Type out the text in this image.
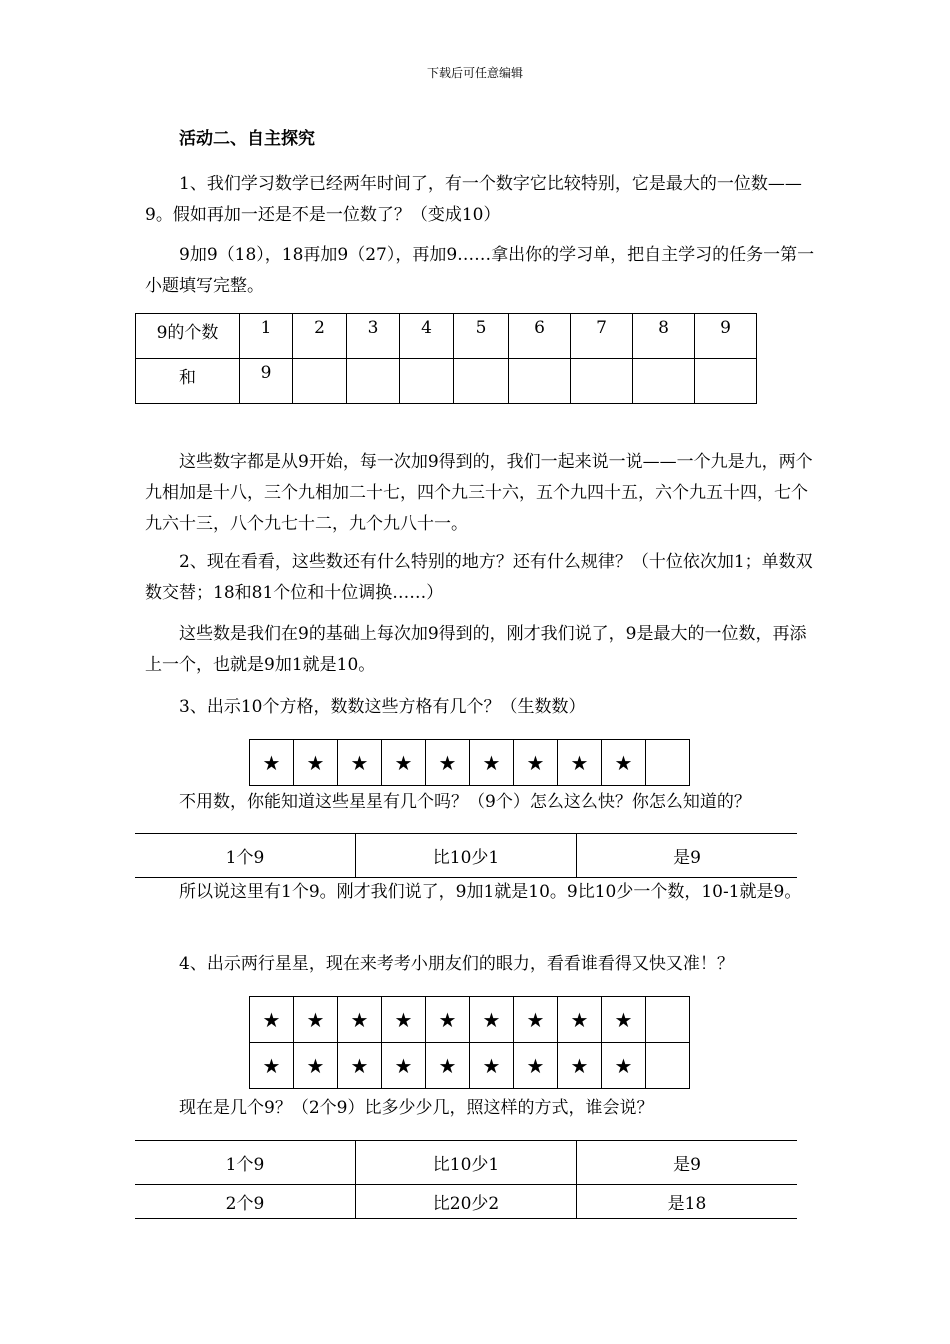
下载后可任意编辑
活动二、自主探究

1、我们学习数学已经两年时间了，有一个数字它比较特别，它是最大的一位数——9。假如再加一还是不是一位数了？（变成10）

9加9（18），18再加9（27），再加9……拿出你的学习单，把自主学习的任务一第一小题填写完整。

9的个数	1	2	3	4	5	6	7	8	9
和	9								

这些数字都是从9开始，每一次加9得到的，我们一起来说一说——一个九是九，两个九相加是十八，三个九相加二十七，四个九三十六，五个九四十五，六个九五十四，七个九六十三，八个九七十二，九个九八十一。

2、现在看看，这些数还有什么特别的地方？还有什么规律？（十位依次加1；单数双数交替；18和81个位和十位调换……）

这些数是我们在9的基础上每次加9得到的，刚才我们说了，9是最大的一位数，再添上一个，也就是9加1就是10。

3、出示10个方格，数数这些方格有几个？（生数数）

★	★	★	★	★	★	★	★	★	

不用数，你能知道这些星星有几个吗？（9个）怎么这么快？你怎么知道的？

1个9	比10少1	是9

所以说这里有1个9。刚才我们说了，9加1就是10。9比10少一个数，10-1就是9。

4、出示两行星星，现在来考考小朋友们的眼力，看看谁看得又快又准！？

★	★	★	★	★	★	★	★	★	
★	★	★	★	★	★	★	★	★	

现在是几个9？（2个9）比多少少几，照这样的方式，谁会说？

1个9	比10少1	是9
2个9	比20少2	是18
